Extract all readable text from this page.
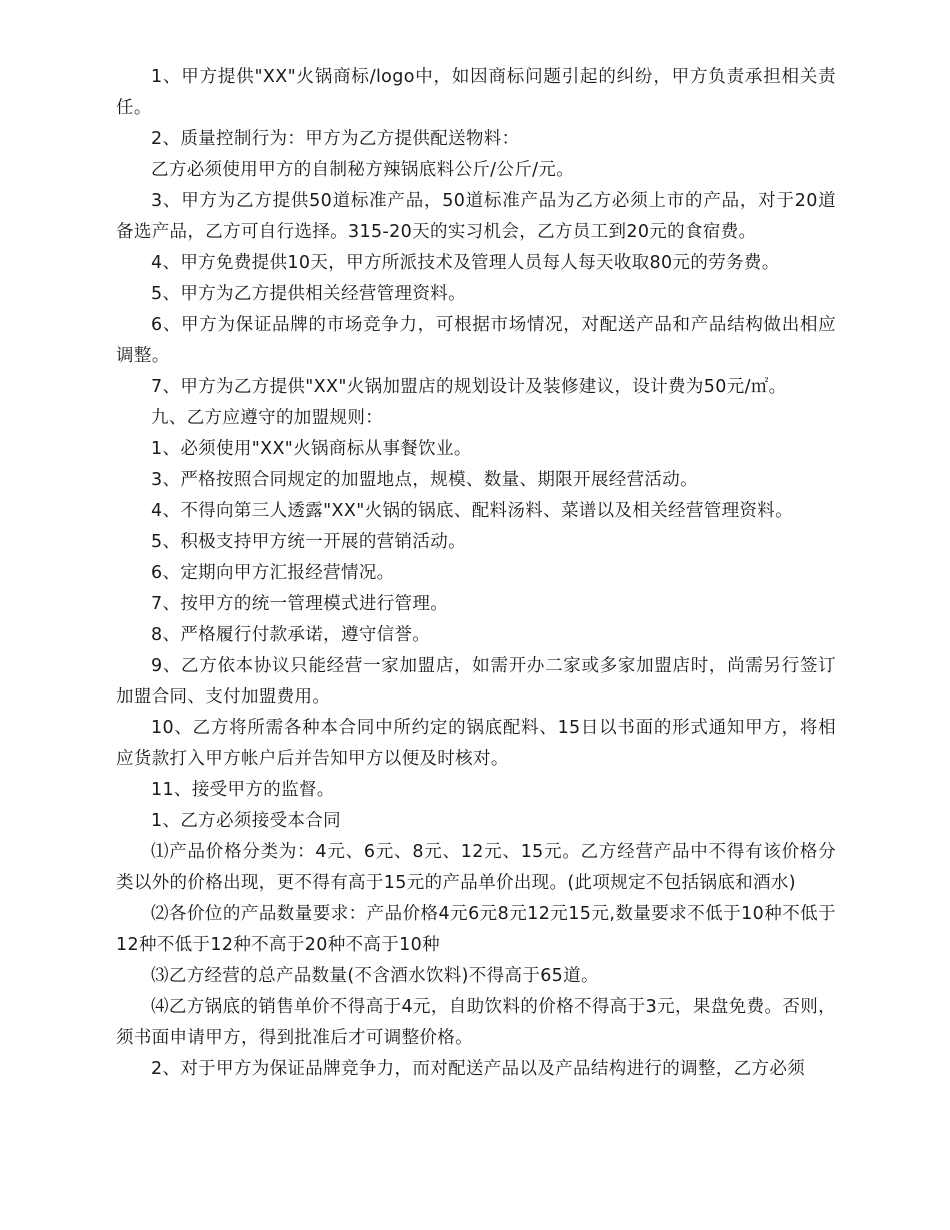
1、甲方提供"XX"火锅商标/logo中，如因商标问题引起的纠纷，甲方负责承担相关责任。

2、质量控制行为：甲方为乙方提供配送物料：

乙方必须使用甲方的自制秘方辣锅底料公斤/公斤/元。

3、甲方为乙方提供50道标准产品，50道标准产品为乙方必须上市的产品，对于20道备选产品，乙方可自行选择。315-20天的实习机会，乙方员工到20元的食宿费。

4、甲方免费提供10天，甲方所派技术及管理人员每人每天收取80元的劳务费。

5、甲方为乙方提供相关经营管理资料。

6、甲方为保证品牌的市场竞争力，可根据市场情况，对配送产品和产品结构做出相应调整。

7、甲方为乙方提供"XX"火锅加盟店的规划设计及装修建议，设计费为50元/㎡。

九、乙方应遵守的加盟规则：

1、必须使用"XX"火锅商标从事餐饮业。

3、严格按照合同规定的加盟地点，规模、数量、期限开展经营活动。

4、不得向第三人透露"XX"火锅的锅底、配料汤料、菜谱以及相关经营管理资料。

5、积极支持甲方统一开展的营销活动。

6、定期向甲方汇报经营情况。

7、按甲方的统一管理模式进行管理。

8、严格履行付款承诺，遵守信誉。

9、乙方依本协议只能经营一家加盟店，如需开办二家或多家加盟店时，尚需另行签订加盟合同、支付加盟费用。

10、乙方将所需各种本合同中所约定的锅底配料、15日以书面的形式通知甲方，将相应货款打入甲方帐户后并告知甲方以便及时核对。

11、接受甲方的监督。

1、乙方必须接受本合同

⑴产品价格分类为：4元、6元、8元、12元、15元。乙方经营产品中不得有该价格分类以外的价格出现，更不得有高于15元的产品单价出现。(此项规定不包括锅底和酒水)

⑵各价位的产品数量要求：产品价格4元6元8元12元15元,数量要求不低于10种不低于12种不低于12种不高于20种不高于10种

⑶乙方经营的总产品数量(不含酒水饮料)不得高于65道。

⑷乙方锅底的销售单价不得高于4元，自助饮料的价格不得高于3元，果盘免费。否则，须书面申请甲方，得到批准后才可调整价格。

2、对于甲方为保证品牌竞争力，而对配送产品以及产品结构进行的调整，乙方必须
